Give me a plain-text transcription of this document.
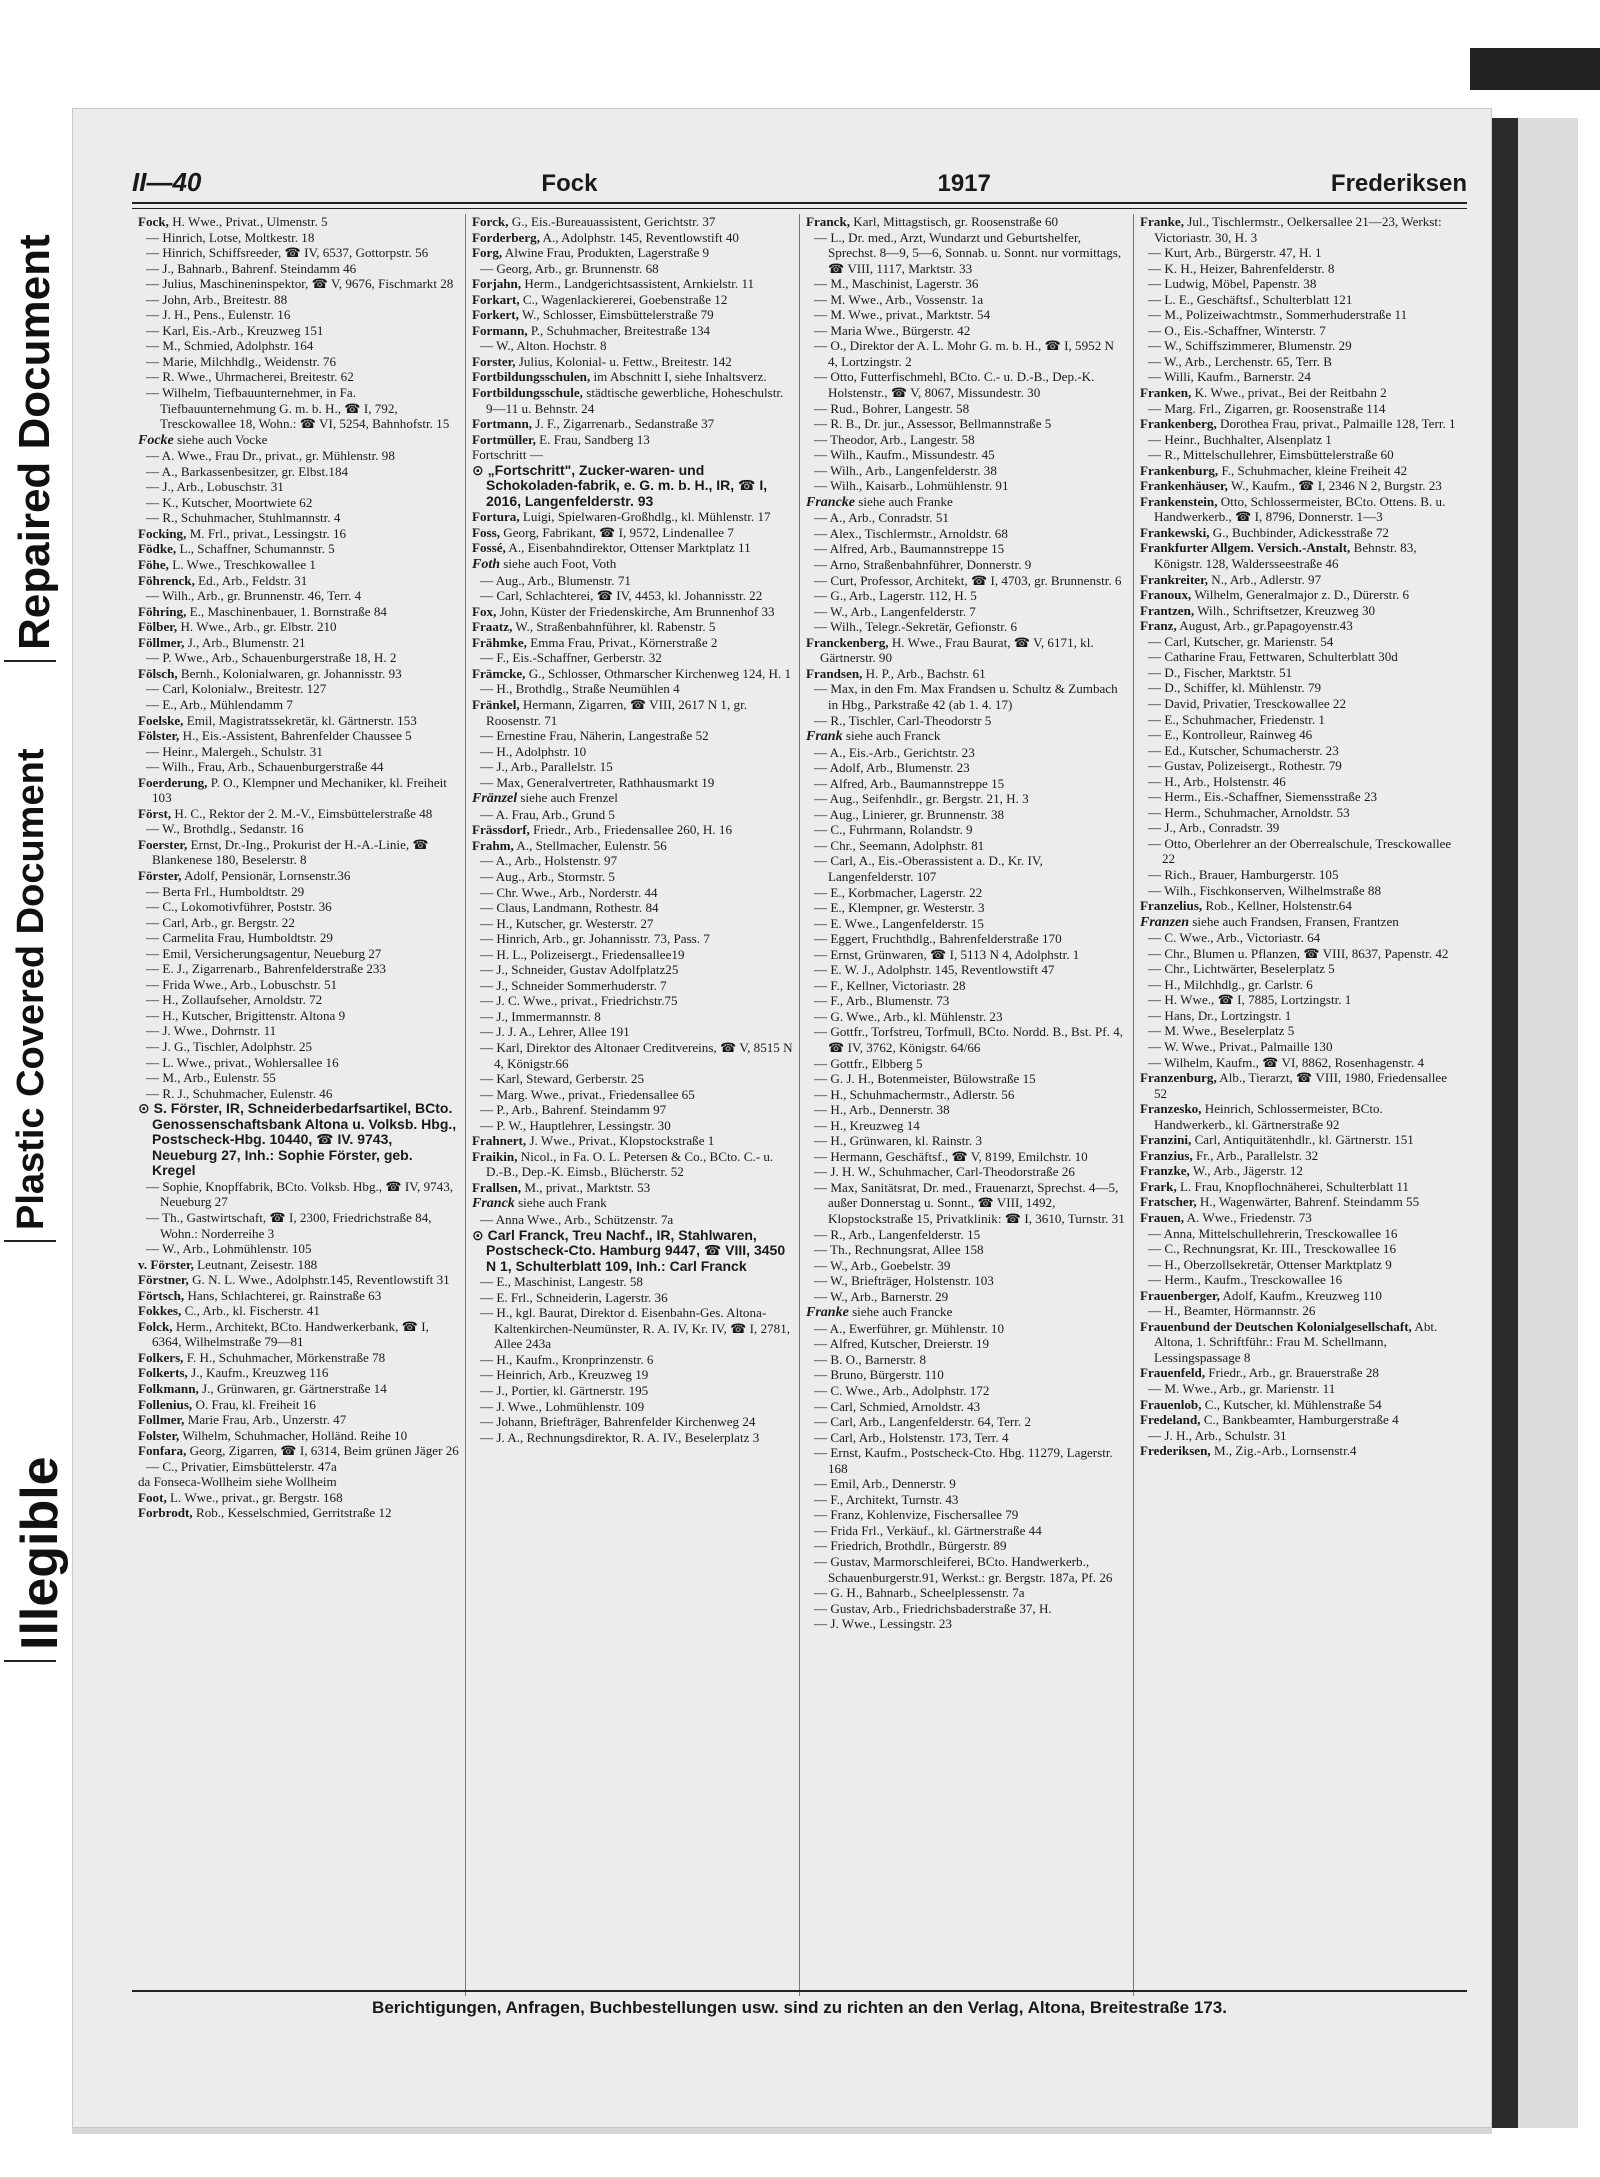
Repaired Document
Plastic Covered Document
Illegible
II—40	Fock	1917	Frederiksen

Fock, H. Wwe., Privat., Ulmenstr. 5

— Hinrich, Lotse, Moltkestr. 18

— Hinrich, Schiffsreeder, ☎ IV, 6537, Gottorpstr. 56

— J., Bahnarb., Bahrenf. Steindamm 46

— Julius, Maschineninspektor, ☎ V, 9676, Fischmarkt 28

— John, Arb., Breitestr. 88

— J. H., Pens., Eulenstr. 16

— Karl, Eis.-Arb., Kreuzweg 151

— M., Schmied, Adolphstr. 164

— Marie, Milchhdlg., Weidenstr. 76

— R. Wwe., Uhrmacherei, Breitestr. 62

— Wilhelm, Tiefbauunternehmer, in Fa. Tiefbauunternehmung G. m. b. H., ☎ I, 792, Tresckowallee 18, Wohn.: ☎ VI, 5254, Bahnhofstr. 15

Focke siehe auch Vocke

— A. Wwe., Frau Dr., privat., gr. Mühlenstr. 98

— A., Barkassenbesitzer, gr. Elbst.184

— J., Arb., Lobuschstr. 31

— K., Kutscher, Moortwiete 62

— R., Schuhmacher, Stuhlmannstr. 4

Focking, M. Frl., privat., Lessingstr. 16

Födke, L., Schaffner, Schumannstr. 5

Föhe, L. Wwe., Treschkowallee 1

Föhrenck, Ed., Arb., Feldstr. 31

— Wilh., Arb., gr. Brunnenstr. 46, Terr. 4

Föhring, E., Maschinenbauer, 1. Bornstraße 84

Fölber, H. Wwe., Arb., gr. Elbstr. 210

Föllmer, J., Arb., Blumenstr. 21

— P. Wwe., Arb., Schauenburgerstraße 18, H. 2

Fölsch, Bernh., Kolonialwaren, gr. Johannisstr. 93

— Carl, Kolonialw., Breitestr. 127

— E., Arb., Mühlendamm 7

Foelske, Emil, Magistratssekretär, kl. Gärtnerstr. 153

Fölster, H., Eis.-Assistent, Bahrenfelder Chaussee 5

— Heinr., Malergeh., Schulstr. 31

— Wilh., Frau, Arb., Schauenburgerstraße 44

Foerderung, P. O., Klempner und Mechaniker, kl. Freiheit 103

Först, H. C., Rektor der 2. M.-V., Eimsbüttelerstraße 48

— W., Brothdlg., Sedanstr. 16

Foerster, Ernst, Dr.-Ing., Prokurist der H.-A.-Linie, ☎ Blankenese 180, Beselerstr. 8

Förster, Adolf, Pensionär, Lornsenstr.36

— Berta Frl., Humboldtstr. 29

— C., Lokomotivführer, Poststr. 36

— Carl, Arb., gr. Bergstr. 22

— Carmelita Frau, Humboldtstr. 29

— Emil, Versicherungsagentur, Neueburg 27

— E. J., Zigarrenarb., Bahrenfelderstraße 233

— Frida Wwe., Arb., Lobuschstr. 51

— H., Zollaufseher, Arnoldstr. 72

— H., Kutscher, Brigittenstr. Altona 9

— J. Wwe., Dohrnstr. 11

— J. G., Tischler, Adolphstr. 25

— L. Wwe., privat., Wohlersallee 16

— M., Arb., Eulenstr. 55

— R. J., Schuhmacher, Eulenstr. 46

⊙ S. Förster, IR, Schneiderbedarfsartikel, BCto. Genossenschaftsbank Altona u. Volksb. Hbg., Postscheck-Hbg. 10440, ☎ IV. 9743, Neueburg 27, Inh.: Sophie Förster, geb. Kregel

— Sophie, Knopffabrik, BCto. Volksb. Hbg., ☎ IV, 9743, Neueburg 27

— Th., Gastwirtschaft, ☎ I, 2300, Friedrichstraße 84, Wohn.: Norderreihe 3

— W., Arb., Lohmühlenstr. 105

v. Förster, Leutnant, Zeisestr. 188

Förstner, G. N. L. Wwe., Adolphstr.145, Reventlowstift 31

Förtsch, Hans, Schlachterei, gr. Rainstraße 63

Fokkes, C., Arb., kl. Fischerstr. 41

Folck, Herm., Architekt, BCto. Handwerkerbank, ☎ I, 6364, Wilhelmstraße 79—81

Folkers, F. H., Schuhmacher, Mörkenstraße 78

Folkerts, J., Kaufm., Kreuzweg 116

Folkmann, J., Grünwaren, gr. Gärtnerstraße 14

Follenius, O. Frau, kl. Freiheit 16

Follmer, Marie Frau, Arb., Unzerstr. 47

Folster, Wilhelm, Schuhmacher, Holländ. Reihe 10

Fonfara, Georg, Zigarren, ☎ I, 6314, Beim grünen Jäger 26

— C., Privatier, Eimsbüttelerstr. 47a

da Fonseca-Wollheim siehe Wollheim

Foot, L. Wwe., privat., gr. Bergstr. 168

Forbrodt, Rob., Kesselschmied, Gerritstraße 12

Forck, G., Eis.-Bureauassistent, Gerichtstr. 37

Forderberg, A., Adolphstr. 145, Reventlowstift 40

Forg, Alwine Frau, Produkten, Lagerstraße 9

— Georg, Arb., gr. Brunnenstr. 68

Forjahn, Herm., Landgerichtsassistent, Arnkielstr. 11

Forkart, C., Wagenlackiererei, Goebenstraße 12

Forkert, W., Schlosser, Eimsbüttelerstraße 79

Formann, P., Schuhmacher, Breitestraße 134

— W., Alton. Hochstr. 8

Forster, Julius, Kolonial- u. Fettw., Breitestr. 142

Fortbildungsschulen, im Abschnitt I, siehe Inhaltsverz.

Fortbildungsschule, städtische gewerbliche, Hoheschulstr. 9—11 u. Behnstr. 24

Fortmann, J. F., Zigarrenarb., Sedanstraße 37

Fortmüller, E. Frau, Sandberg 13

Fortschritt —

⊙ „Fortschritt", Zucker-waren- und Schokoladen-fabrik, e. G. m. b. H., IR, ☎ I, 2016, Langenfelderstr. 93

Fortura, Luigi, Spielwaren-Großhdlg., kl. Mühlenstr. 17

Foss, Georg, Fabrikant, ☎ I, 9572, Lindenallee 7

Fossé, A., Eisenbahndirektor, Ottenser Marktplatz 11

Foth siehe auch Foot, Voth

— Aug., Arb., Blumenstr. 71

— Carl, Schlachterei, ☎ IV, 4453, kl. Johannisstr. 22

Fox, John, Küster der Friedenskirche, Am Brunnenhof 33

Fraatz, W., Straßenbahnführer, kl. Rabenstr. 5

Frähmke, Emma Frau, Privat., Körnerstraße 2

— F., Eis.-Schaffner, Gerberstr. 32

Främcke, G., Schlosser, Othmarscher Kirchenweg 124, H. 1

— H., Brothdlg., Straße Neumühlen 4

Fränkel, Hermann, Zigarren, ☎ VIII, 2617 N 1, gr. Roosenstr. 71

— Ernestine Frau, Näherin, Langestraße 52

— H., Adolphstr. 10

— J., Arb., Parallelstr. 15

— Max, Generalvertreter, Rathhausmarkt 19

Fränzel siehe auch Frenzel

— A. Frau, Arb., Grund 5

Frässdorf, Friedr., Arb., Friedensallee 260, H. 16

Frahm, A., Stellmacher, Eulenstr. 56

— A., Arb., Holstenstr. 97

— Aug., Arb., Stormstr. 5

— Chr. Wwe., Arb., Norderstr. 44

— Claus, Landmann, Rothestr. 84

— H., Kutscher, gr. Westerstr. 27

— Hinrich, Arb., gr. Johannisstr. 73, Pass. 7

— H. L., Polizeisergt., Friedensallee19

— J., Schneider, Gustav Adolfplatz25

— J., Schneider Sommerhuderstr. 7

— J. C. Wwe., privat., Friedrichstr.75

— J., Immermannstr. 8

— J. J. A., Lehrer, Allee 191

— Karl, Direktor des Altonaer Creditvereins, ☎ V, 8515 N 4, Königstr.66

— Karl, Steward, Gerberstr. 25

— Marg. Wwe., privat., Friedensallee 65

— P., Arb., Bahrenf. Steindamm 97

— P. W., Hauptlehrer, Lessingstr. 30

Frahnert, J. Wwe., Privat., Klopstockstraße 1

Fraikin, Nicol., in Fa. O. L. Petersen & Co., BCto. C.- u. D.-B., Dep.-K. Eimsb., Blücherstr. 52

Frallsen, M., privat., Marktstr. 53

Franck siehe auch Frank

— Anna Wwe., Arb., Schützenstr. 7a

⊙ Carl Franck, Treu Nachf., IR, Stahlwaren, Postscheck-Cto. Hamburg 9447, ☎ VIII, 3450 N 1, Schulterblatt 109, Inh.: Carl Franck

— E., Maschinist, Langestr. 58

— E. Frl., Schneiderin, Lagerstr. 36

— H., kgl. Baurat, Direktor d. Eisenbahn-Ges. Altona-Kaltenkirchen-Neumünster, R. A. IV, Kr. IV, ☎ I, 2781, Allee 243a

— H., Kaufm., Kronprinzenstr. 6

— Heinrich, Arb., Kreuzweg 19

— J., Portier, kl. Gärtnerstr. 195

— J. Wwe., Lohmühlenstr. 109

— Johann, Briefträger, Bahrenfelder Kirchenweg 24

— J. A., Rechnungsdirektor, R. A. IV., Beselerplatz 3

Franck, Karl, Mittagstisch, gr. Roosenstraße 60

— L., Dr. med., Arzt, Wundarzt und Geburtshelfer, Sprechst. 8—9, 5—6, Sonnab. u. Sonnt. nur vormittags, ☎ VIII, 1117, Marktstr. 33

— M., Maschinist, Lagerstr. 36

— M. Wwe., Arb., Vossenstr. 1a

— M. Wwe., privat., Marktstr. 54

— Maria Wwe., Bürgerstr. 42

— O., Direktor der A. L. Mohr G. m. b. H., ☎ I, 5952 N 4, Lortzingstr. 2

— Otto, Futterfischmehl, BCto. C.- u. D.-B., Dep.-K. Holstenstr., ☎ V, 8067, Missundestr. 30

— Rud., Bohrer, Langestr. 58

— R. B., Dr. jur., Assessor, Bellmannstraße 5

— Theodor, Arb., Langestr. 58

— Wilh., Kaufm., Missundestr. 45

— Wilh., Arb., Langenfelderstr. 38

— Wilh., Kaisarb., Lohmühlenstr. 91

Francke siehe auch Franke

— A., Arb., Conradstr. 51

— Alex., Tischlermstr., Arnoldstr. 68

— Alfred, Arb., Baumannstreppe 15

— Arno, Straßenbahnführer, Donnerstr. 9

— Curt, Professor, Architekt, ☎ I, 4703, gr. Brunnenstr. 6

— G., Arb., Lagerstr. 112, H. 5

— W., Arb., Langenfelderstr. 7

— Wilh., Telegr.-Sekretär, Gefionstr. 6

Franckenberg, H. Wwe., Frau Baurat, ☎ V, 6171, kl. Gärtnerstr. 90

Frandsen, H. P., Arb., Bachstr. 61

— Max, in den Fm. Max Frandsen u. Schultz & Zumbach in Hbg., Parkstraße 42 (ab 1. 4. 17)

— R., Tischler, Carl-Theodorstr 5

Frank siehe auch Franck

— A., Eis.-Arb., Gerichtstr. 23

— Adolf, Arb., Blumenstr. 23

— Alfred, Arb., Baumannstreppe 15

— Aug., Seifenhdlr., gr. Bergstr. 21, H. 3

— Aug., Linierer, gr. Brunnenstr. 38

— C., Fuhrmann, Rolandstr. 9

— Chr., Seemann, Adolphstr. 81

— Carl, A., Eis.-Oberassistent a. D., Kr. IV, Langenfelderstr. 107

— E., Korbmacher, Lagerstr. 22

— E., Klempner, gr. Westerstr. 3

— E. Wwe., Langenfelderstr. 15

— Eggert, Fruchthdlg., Bahrenfelderstraße 170

— Ernst, Grünwaren, ☎ I, 5113 N 4, Adolphstr. 1

— E. W. J., Adolphstr. 145, Reventlowstift 47

— F., Kellner, Victoriastr. 28

— F., Arb., Blumenstr. 73

— G. Wwe., Arb., kl. Mühlenstr. 23

— Gottfr., Torfstreu, Torfmull, BCto. Nordd. B., Bst. Pf. 4, ☎ IV, 3762, Königstr. 64/66

— Gottfr., Elbberg 5

— G. J. H., Botenmeister, Bülowstraße 15

— H., Schuhmachermstr., Adlerstr. 56

— H., Arb., Dennerstr. 38

— H., Kreuzweg 14

— H., Grünwaren, kl. Rainstr. 3

— Hermann, Geschäftsf., ☎ V, 8199, Emilchstr. 10

— J. H. W., Schuhmacher, Carl-Theodorstraße 26

— Max, Sanitätsrat, Dr. med., Frauenarzt, Sprechst. 4—5, außer Donnerstag u. Sonnt., ☎ VIII, 1492, Klopstockstraße 15, Privatklinik: ☎ I, 3610, Turnstr. 31

— R., Arb., Langenfelderstr. 15

— Th., Rechnungsrat, Allee 158

— W., Arb., Goebelstr. 39

— W., Briefträger, Holstenstr. 103

— W., Arb., Barnerstr. 29

Franke siehe auch Francke

— A., Ewerführer, gr. Mühlenstr. 10

— Alfred, Kutscher, Dreierstr. 19

— B. O., Barnerstr. 8

— Bruno, Bürgerstr. 110

— C. Wwe., Arb., Adolphstr. 172

— Carl, Schmied, Arnoldstr. 43

— Carl, Arb., Langenfelderstr. 64, Terr. 2

— Carl, Arb., Holstenstr. 173, Terr. 4

— Ernst, Kaufm., Postscheck-Cto. Hbg. 11279, Lagerstr. 168

— Emil, Arb., Dennerstr. 9

— F., Architekt, Turnstr. 43

— Franz, Kohlenvize, Fischersallee 79

— Frida Frl., Verkäuf., kl. Gärtnerstraße 44

— Friedrich, Brothdlr., Bürgerstr. 89

— Gustav, Marmorschleiferei, BCto. Handwerkerb., Schauenburgerstr.91, Werkst.: gr. Bergstr. 187a, Pf. 26

— G. H., Bahnarb., Scheelplessenstr. 7a

— Gustav, Arb., Friedrichsbaderstraße 37, H.

— J. Wwe., Lessingstr. 23

Franke, Jul., Tischlermstr., Oelkersallee 21—23, Werkst: Victoriastr. 30, H. 3

— Kurt, Arb., Bürgerstr. 47, H. 1

— K. H., Heizer, Bahrenfelderstr. 8

— Ludwig, Möbel, Papenstr. 38

— L. E., Geschäftsf., Schulterblatt 121

— M., Polizeiwachtmstr., Sommerhuderstraße 11

— O., Eis.-Schaffner, Winterstr. 7

— W., Schiffszimmerer, Blumenstr. 29

— W., Arb., Lerchenstr. 65, Terr. B

— Willi, Kaufm., Barnerstr. 24

Franken, K. Wwe., privat., Bei der Reitbahn 2

— Marg. Frl., Zigarren, gr. Roosenstraße 114

Frankenberg, Dorothea Frau, privat., Palmaille 128, Terr. 1

— Heinr., Buchhalter, Alsenplatz 1

— R., Mittelschullehrer, Eimsbüttelerstraße 60

Frankenburg, F., Schuhmacher, kleine Freiheit 42

Frankenhäuser, W., Kaufm., ☎ I, 2346 N 2, Burgstr. 23

Frankenstein, Otto, Schlossermeister, BCto. Ottens. B. u. Handwerkerb., ☎ I, 8796, Donnerstr. 1—3

Frankewski, G., Buchbinder, Adickesstraße 72

Frankfurter Allgem. Versich.-Anstalt, Behnstr. 83, Königstr. 128, Waldersseestraße 46

Frankreiter, N., Arb., Adlerstr. 97

Franoux, Wilhelm, Generalmajor z. D., Dürerstr. 6

Frantzen, Wilh., Schriftsetzer, Kreuzweg 30

Franz, August, Arb., gr.Papagoyenstr.43

— Carl, Kutscher, gr. Marienstr. 54

— Catharine Frau, Fettwaren, Schulterblatt 30d

— D., Fischer, Marktstr. 51

— D., Schiffer, kl. Mühlenstr. 79

— David, Privatier, Tresckowallee 22

— E., Schuhmacher, Friedenstr. 1

— E., Kontrolleur, Rainweg 46

— Ed., Kutscher, Schumacherstr. 23

— Gustav, Polizeisergt., Rothestr. 79

— H., Arb., Holstenstr. 46

— Herm., Eis.-Schaffner, Siemensstraße 23

— Herm., Schuhmacher, Arnoldstr. 53

— J., Arb., Conradstr. 39

— Otto, Oberlehrer an der Oberrealschule, Tresckowallee 22

— Rich., Brauer, Hamburgerstr. 105

— Wilh., Fischkonserven, Wilhelmstraße 88

Franzelius, Rob., Kellner, Holstenstr.64

Franzen siehe auch Frandsen, Fransen, Frantzen

— C. Wwe., Arb., Victoriastr. 64

— Chr., Blumen u. Pflanzen, ☎ VIII, 8637, Papenstr. 42

— Chr., Lichtwärter, Beselerplatz 5

— H., Milchhdlg., gr. Carlstr. 6

— H. Wwe., ☎ I, 7885, Lortzingstr. 1

— Hans, Dr., Lortzingstr. 1

— M. Wwe., Beselerplatz 5

— W. Wwe., Privat., Palmaille 130

— Wilhelm, Kaufm., ☎ VI, 8862, Rosenhagenstr. 4

Franzenburg, Alb., Tierarzt, ☎ VIII, 1980, Friedensallee 52

Franzesko, Heinrich, Schlossermeister, BCto. Handwerkerb., kl. Gärtnerstraße 92

Franzini, Carl, Antiquitätenhdlr., kl. Gärtnerstr. 151

Franzius, Fr., Arb., Parallelstr. 32

Franzke, W., Arb., Jägerstr. 12

Frark, L. Frau, Knopflochnäherei, Schulterblatt 11

Fratscher, H., Wagenwärter, Bahrenf. Steindamm 55

Frauen, A. Wwe., Friedenstr. 73

— Anna, Mittelschullehrerin, Tresckowallee 16

— C., Rechnungsrat, Kr. III., Tresckowallee 16

— H., Oberzollsekretär, Ottenser Marktplatz 9

— Herm., Kaufm., Tresckowallee 16

Frauenberger, Adolf, Kaufm., Kreuzweg 110

— H., Beamter, Hörmannstr. 26

Frauenbund der Deutschen Kolonialgesellschaft, Abt. Altona, 1. Schriftführ.: Frau M. Schellmann, Lessingspassage 8

Frauenfeld, Friedr., Arb., gr. Brauerstraße 28

— M. Wwe., Arb., gr. Marienstr. 11

Frauenlob, C., Kutscher, kl. Mühlenstraße 54

Fredeland, C., Bankbeamter, Hamburgerstraße 4

— J. H., Arb., Schulstr. 31

Frederiksen, M., Zig.-Arb., Lornsenstr.4

Berichtigungen, Anfragen, Buchbestellungen usw. sind zu richten an den Verlag, Altona, Breitestraße 173.
